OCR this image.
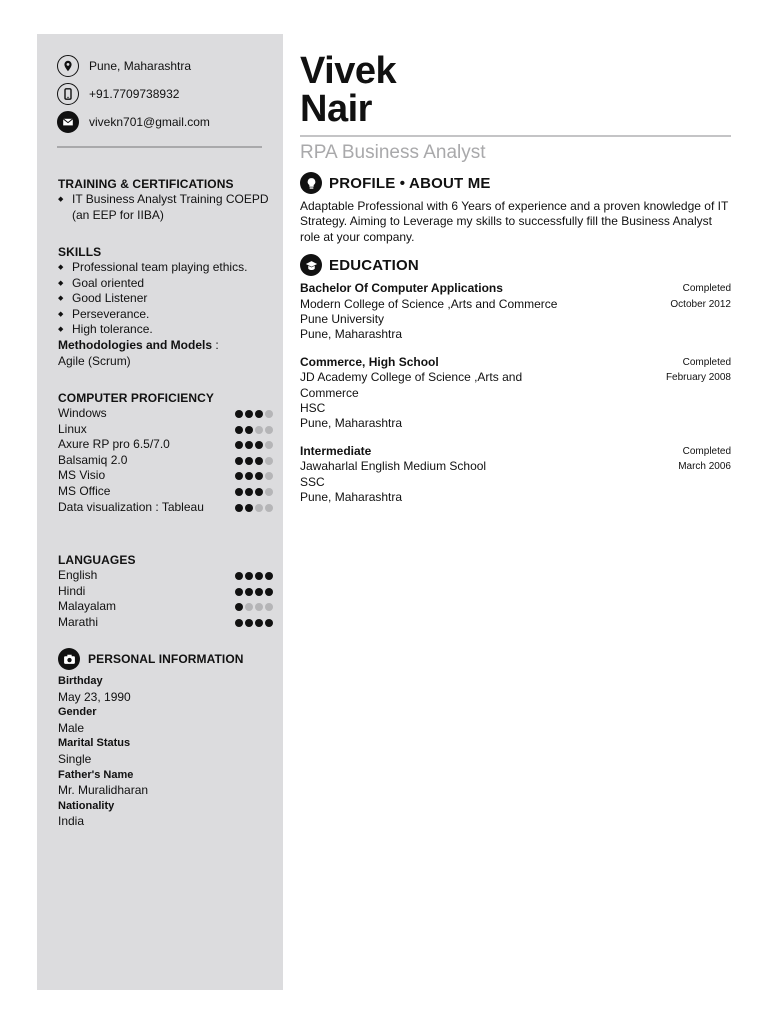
Pune, Maharashtra
+91.7709738932
vivekn701@gmail.com
TRAINING & CERTIFICATIONS
◆ IT Business Analyst Training COEPD (an EEP for IIBA)
SKILLS
◆ Professional team playing ethics.
◆ Goal oriented
◆ Good Listener
◆ Perseverance.
◆ High tolerance.
Methodologies and Models :
Agile (Scrum)
COMPUTER PROFICIENCY
Windows
Linux
Axure RP pro 6.5/7.0
Balsamiq 2.0
MS Visio
MS Office
Data visualization : Tableau
LANGUAGES
English
Hindi
Malayalam
Marathi
PERSONAL INFORMATION
Birthday
May 23, 1990
Gender
Male
Marital Status
Single
Father's Name
Mr. Muralidharan
Nationality
India
Vivek
Nair
RPA Business Analyst
PROFILE • ABOUT ME
Adaptable Professional with 6 Years of experience and a proven knowledge of IT Strategy. Aiming to Leverage my skills to successfully fill the Business Analyst role at your company.
EDUCATION
Bachelor Of Computer Applications
Modern College of Science ,Arts and Commerce
Pune University
Pune, Maharashtra
Completed
October 2012
Commerce, High School
JD Academy College of Science ,Arts and Commerce
HSC
Pune, Maharashtra
Completed
February 2008
Intermediate
Jawaharlal English Medium School
SSC
Pune, Maharashtra
Completed
March 2006
